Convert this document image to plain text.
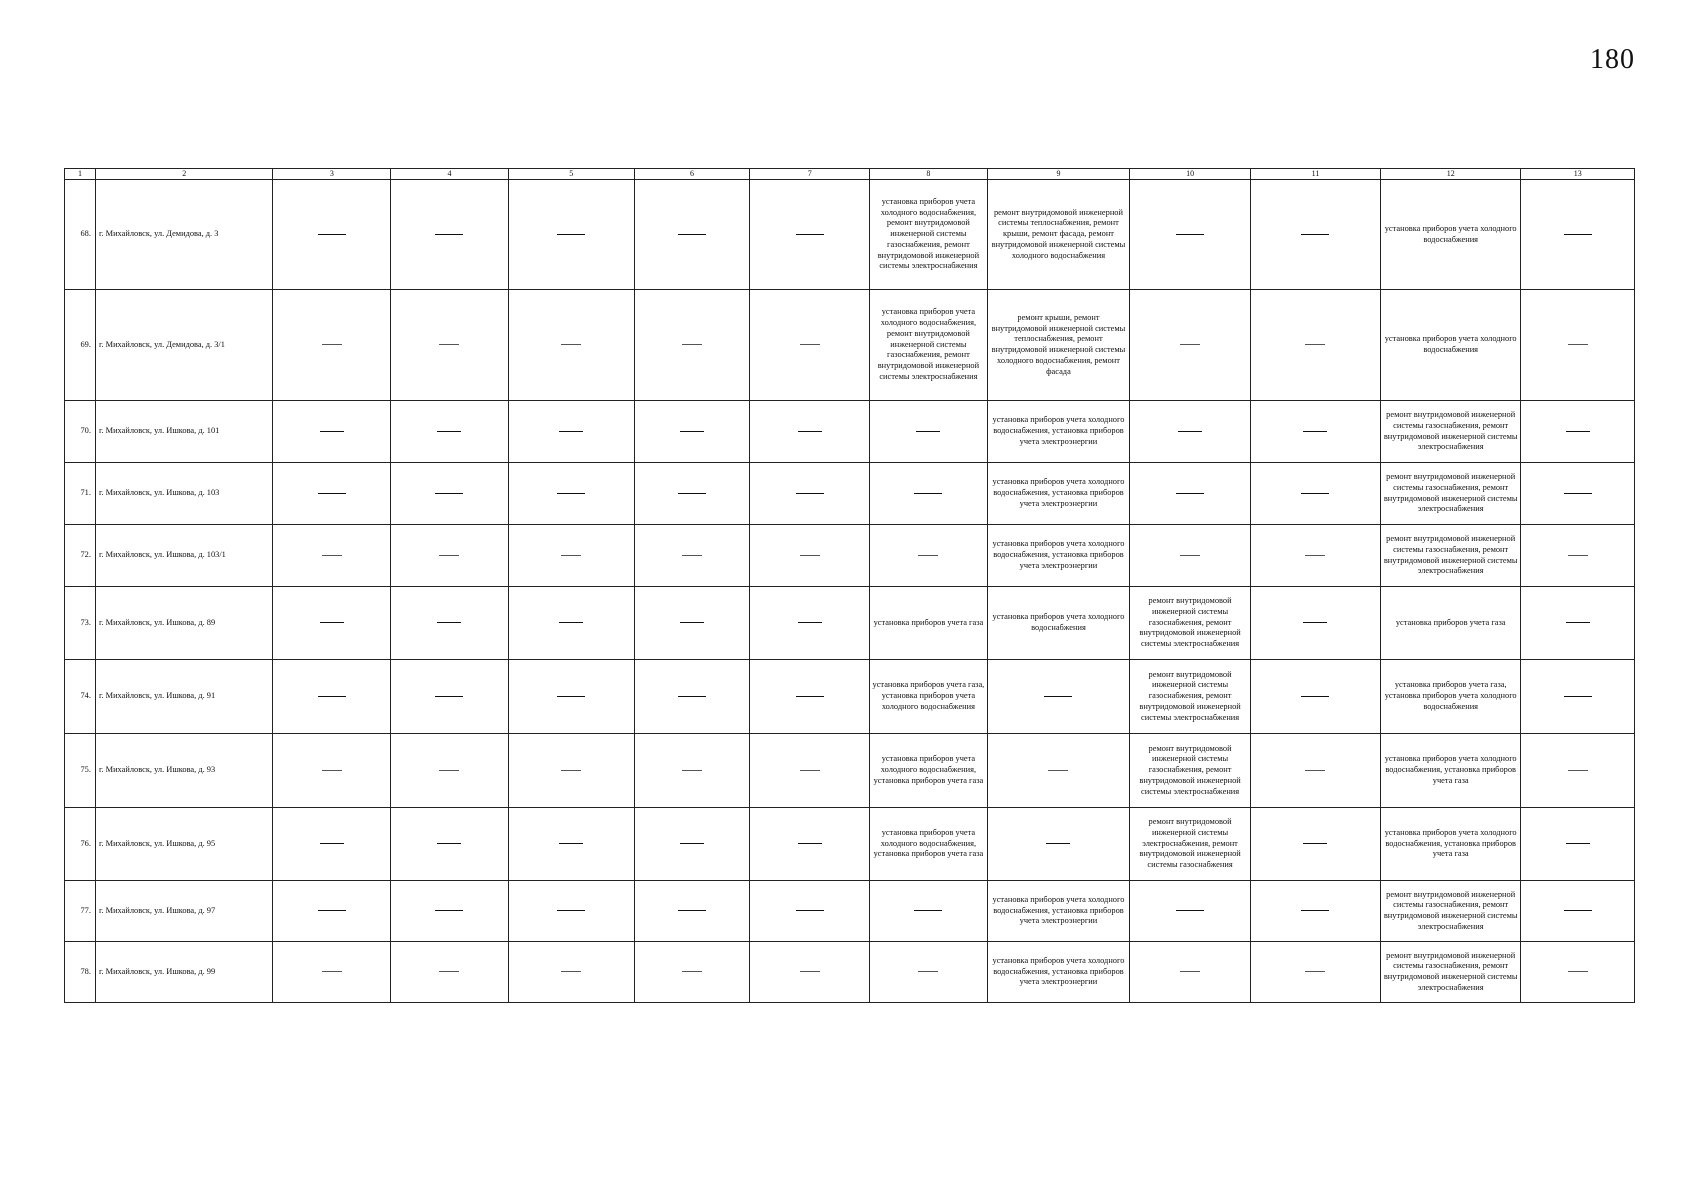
180
1	2	3	4	5	6	7	8	9	10	11	12	13
68.	г. Михайловск, ул. Демидова, д. 3						установка приборов учета холодного водоснабжения, ремонт внутридомовой инженерной системы газоснабжения, ремонт внутридомовой инженерной системы электроснабжения	ремонт внутридомовой инженерной системы теплоснабжения, ремонт крыши, ремонт фасада, ремонт внутридомовой инженерной системы холодного водоснабжения			установка приборов учета холодного водоснабжения	
69.	г. Михайловск, ул. Демидова, д. 3/1						установка приборов учета холодного водоснабжения, ремонт внутридомовой инженерной системы газоснабжения, ремонт внутридомовой инженерной системы электроснабжения	ремонт крыши, ремонт внутридомовой инженерной системы теплоснабжения, ремонт внутридомовой инженерной системы холодного водоснабжения, ремонт фасада			установка приборов учета холодного водоснабжения	
70.	г. Михайловск, ул. Ишкова, д. 101							установка приборов учета холодного водоснабжения, установка приборов учета электроэнергии			ремонт внутридомовой инженерной системы газоснабжения, ремонт внутридомовой инженерной системы электроснабжения	
71.	г. Михайловск, ул. Ишкова, д. 103							установка приборов учета холодного водоснабжения, установка приборов учета электроэнергии			ремонт внутридомовой инженерной системы газоснабжения, ремонт внутридомовой инженерной системы электроснабжения	
72.	г. Михайловск, ул. Ишкова, д. 103/1							установка приборов учета холодного водоснабжения, установка приборов учета электроэнергии			ремонт внутридомовой инженерной системы газоснабжения, ремонт внутридомовой инженерной системы электроснабжения	
73.	г. Михайловск, ул. Ишкова, д. 89						установка приборов учета газа	установка приборов учета холодного водоснабжения	ремонт внутридомовой инженерной системы газоснабжения, ремонт внутридомовой инженерной системы электроснабжения		установка приборов учета газа	
74.	г. Михайловск, ул. Ишкова, д. 91						установка приборов учета газа, установка приборов учета холодного водоснабжения		ремонт внутридомовой инженерной системы газоснабжения, ремонт внутридомовой инженерной системы электроснабжения		установка приборов учета газа, установка приборов учета холодного водоснабжения	
75.	г. Михайловск, ул. Ишкова, д. 93						установка приборов учета холодного водоснабжения, установка приборов учета газа		ремонт внутридомовой инженерной системы газоснабжения, ремонт внутридомовой инженерной системы электроснабжения		установка приборов учета холодного водоснабжения, установка приборов учета газа	
76.	г. Михайловск, ул. Ишкова, д. 95						установка приборов учета холодного водоснабжения, установка приборов учета газа		ремонт внутридомовой инженерной системы электроснабжения, ремонт внутридомовой инженерной системы газоснабжения		установка приборов учета холодного водоснабжения, установка приборов учета газа	
77.	г. Михайловск, ул. Ишкова, д. 97							установка приборов учета холодного водоснабжения, установка приборов учета электроэнергии			ремонт внутридомовой инженерной системы газоснабжения, ремонт внутридомовой инженерной системы электроснабжения	
78.	г. Михайловск, ул. Ишкова, д. 99							установка приборов учета холодного водоснабжения, установка приборов учета электроэнергии			ремонт внутридомовой инженерной системы газоснабжения, ремонт внутридомовой инженерной системы электроснабжения	
